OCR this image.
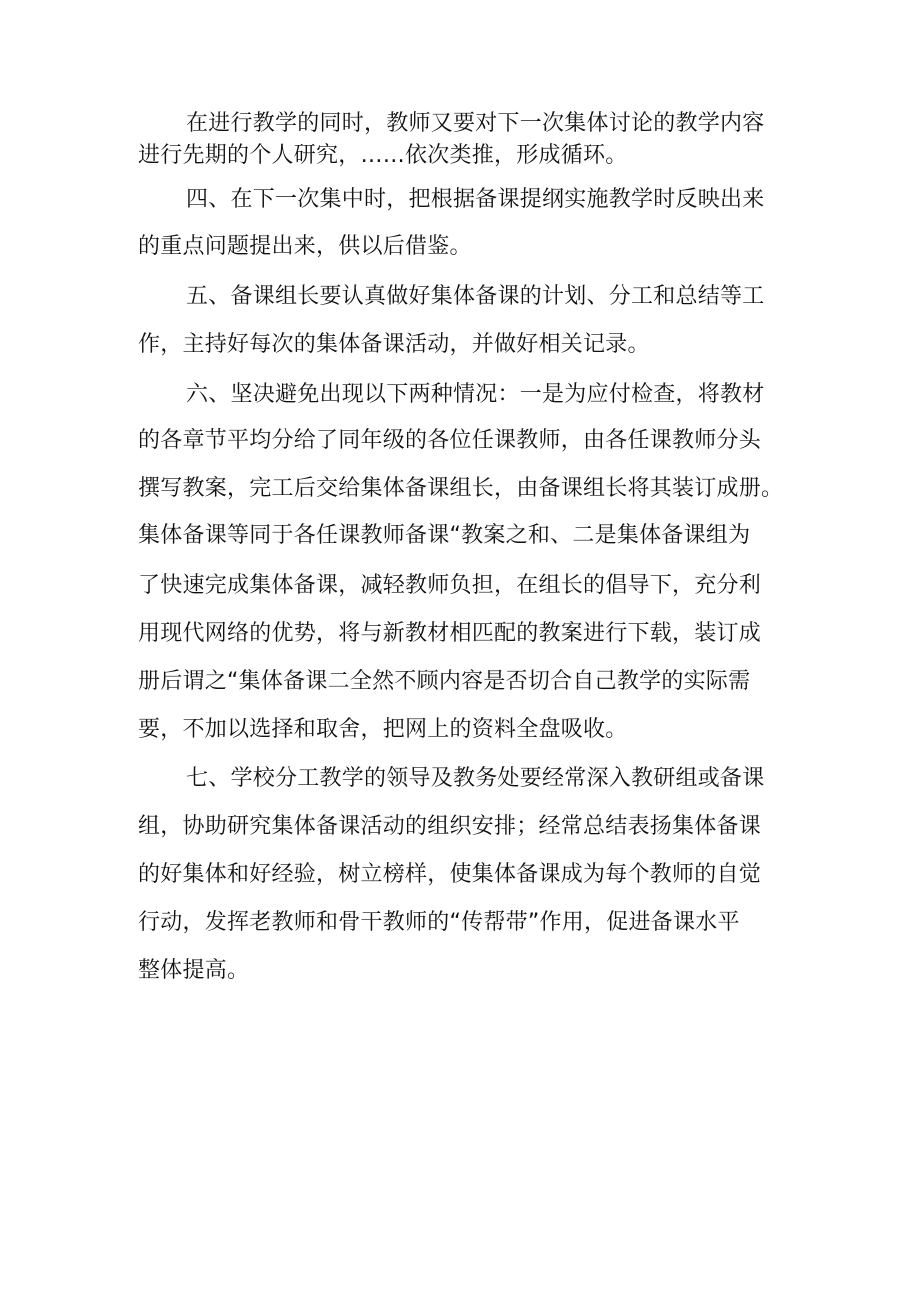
在进行教学的同时，教师又要对下一次集体讨论的教学内容
进行先期的个人研究，……依次类推，形成循环。
四、在下一次集中时，把根据备课提纲实施教学时反映出来
的重点问题提出来，供以后借鉴。
五、备课组长要认真做好集体备课的计划、分工和总结等工
作，主持好每次的集体备课活动，并做好相关记录。
六、坚决避免出现以下两种情况：一是为应付检查，将教材
的各章节平均分给了同年级的各位任课教师，由各任课教师分头
撰写教案，完工后交给集体备课组长，由备课组长将其装订成册。
集体备课等同于各任课教师备课“教案之和、二是集体备课组为
了快速完成集体备课，减轻教师负担，在组长的倡导下，充分利
用现代网络的优势，将与新教材相匹配的教案进行下载，装订成
册后谓之“集体备课二全然不顾内容是否切合自己教学的实际需
要，不加以选择和取舍，把网上的资料全盘吸收。
七、学校分工教学的领导及教务处要经常深入教研组或备课
组，协助研究集体备课活动的组织安排；经常总结表扬集体备课
的好集体和好经验，树立榜样，使集体备课成为每个教师的自觉
行动，发挥老教师和骨干教师的“传帮带”作用，促进备课水平
整体提高。
